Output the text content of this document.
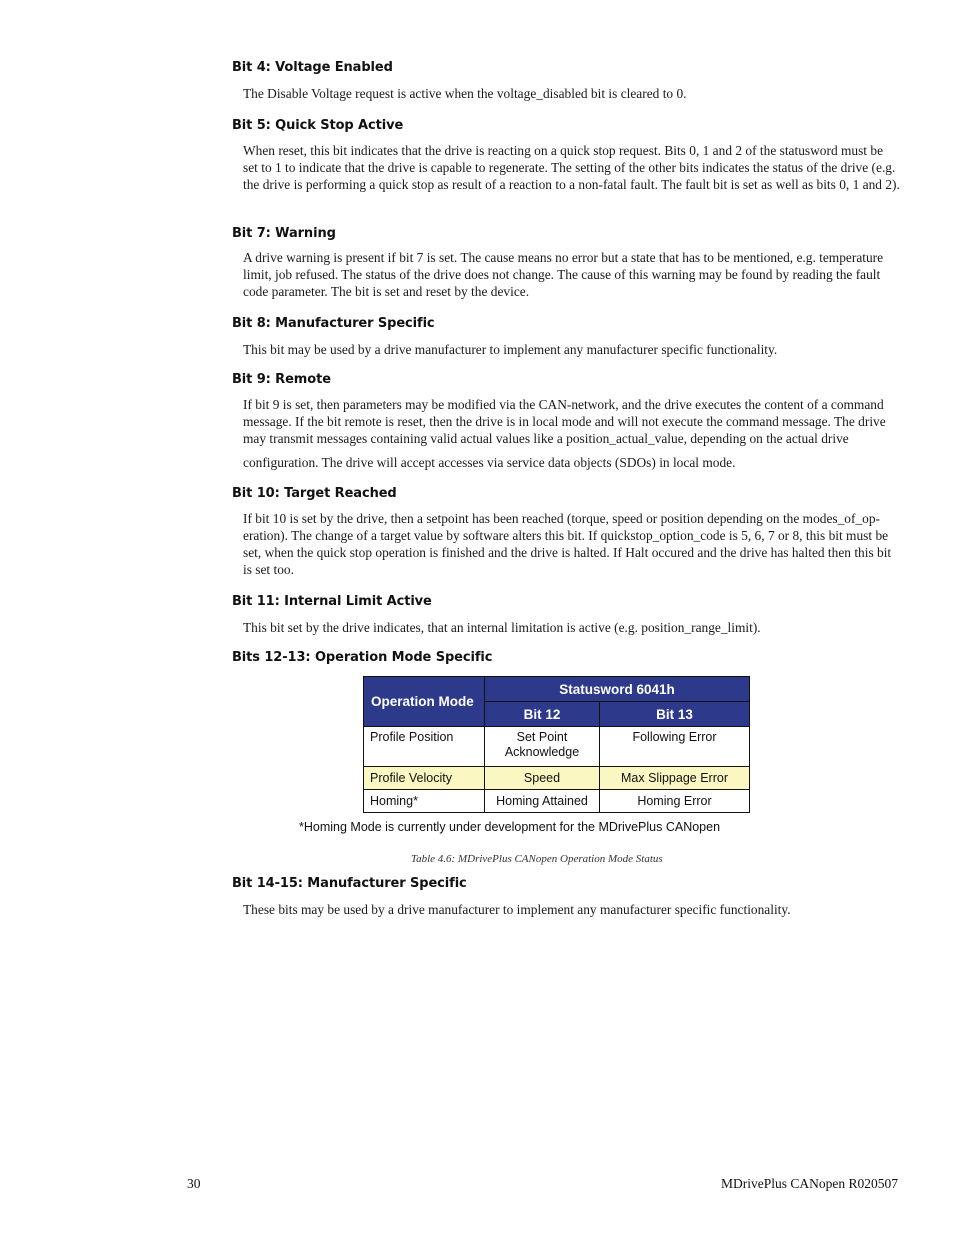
Bit 4: Voltage Enabled
The Disable Voltage request is active when the voltage_disabled bit is cleared to 0.
Bit 5: Quick Stop Active
When reset, this bit indicates that the drive is reacting on a quick stop request. Bits 0, 1 and 2 of the statusword must be set to 1 to indicate that the drive is capable to regenerate. The setting of the other bits indicates the status of the drive (e.g. the drive is performing a quick stop as result of a reaction to a non-fatal fault. The fault bit is set as well as bits 0, 1 and 2).
Bit 7: Warning
A drive warning is present if bit 7 is set. The cause means no error but a state that has to be mentioned, e.g. temperature limit, job refused. The status of the drive does not change. The cause of this warning may be found by reading the fault code parameter. The bit is set and reset by the device.
Bit 8: Manufacturer Specific
This bit may be used by a drive manufacturer to implement any manufacturer specific functionality.
Bit 9: Remote
If bit 9 is set, then parameters may be modified via the CAN-network, and the drive executes the content of a command message. If the bit remote is reset, then the drive is in local mode and will not execute the command message. The drive may transmit messages containing valid actual values like a position_actual_value, depending on the actual drive
configuration. The drive will accept accesses via service data objects (SDOs) in local mode.
Bit 10: Target Reached
If bit 10 is set by the drive, then a setpoint has been reached (torque, speed or position depending on the modes_of_op-eration). The change of a target value by software alters this bit. If quickstop_option_code is 5, 6, 7 or 8, this bit must be set, when the quick stop operation is finished and the drive is halted. If Halt occured and the drive has halted then this bit is set too.
Bit 11: Internal Limit Active
This bit set by the drive indicates, that an internal limitation is active (e.g. position_range_limit).
Bits 12-13: Operation Mode Specific
Operation Mode	Statusword 6041h	
	Bit 12	Bit 13
Profile Position	Set Point Acknowledge	Following Error
Profile Velocity	Speed	Max Slippage Error
Homing*	Homing Attained	Homing Error
*Homing Mode is currently under development for the MDrivePlus CANopen
Table 4.6: MDrivePlus CANopen Operation Mode Status
Bit 14-15: Manufacturer Specific
These bits may be used by a drive manufacturer to implement any manufacturer specific functionality.
30	MDrivePlus CANopen R020507
